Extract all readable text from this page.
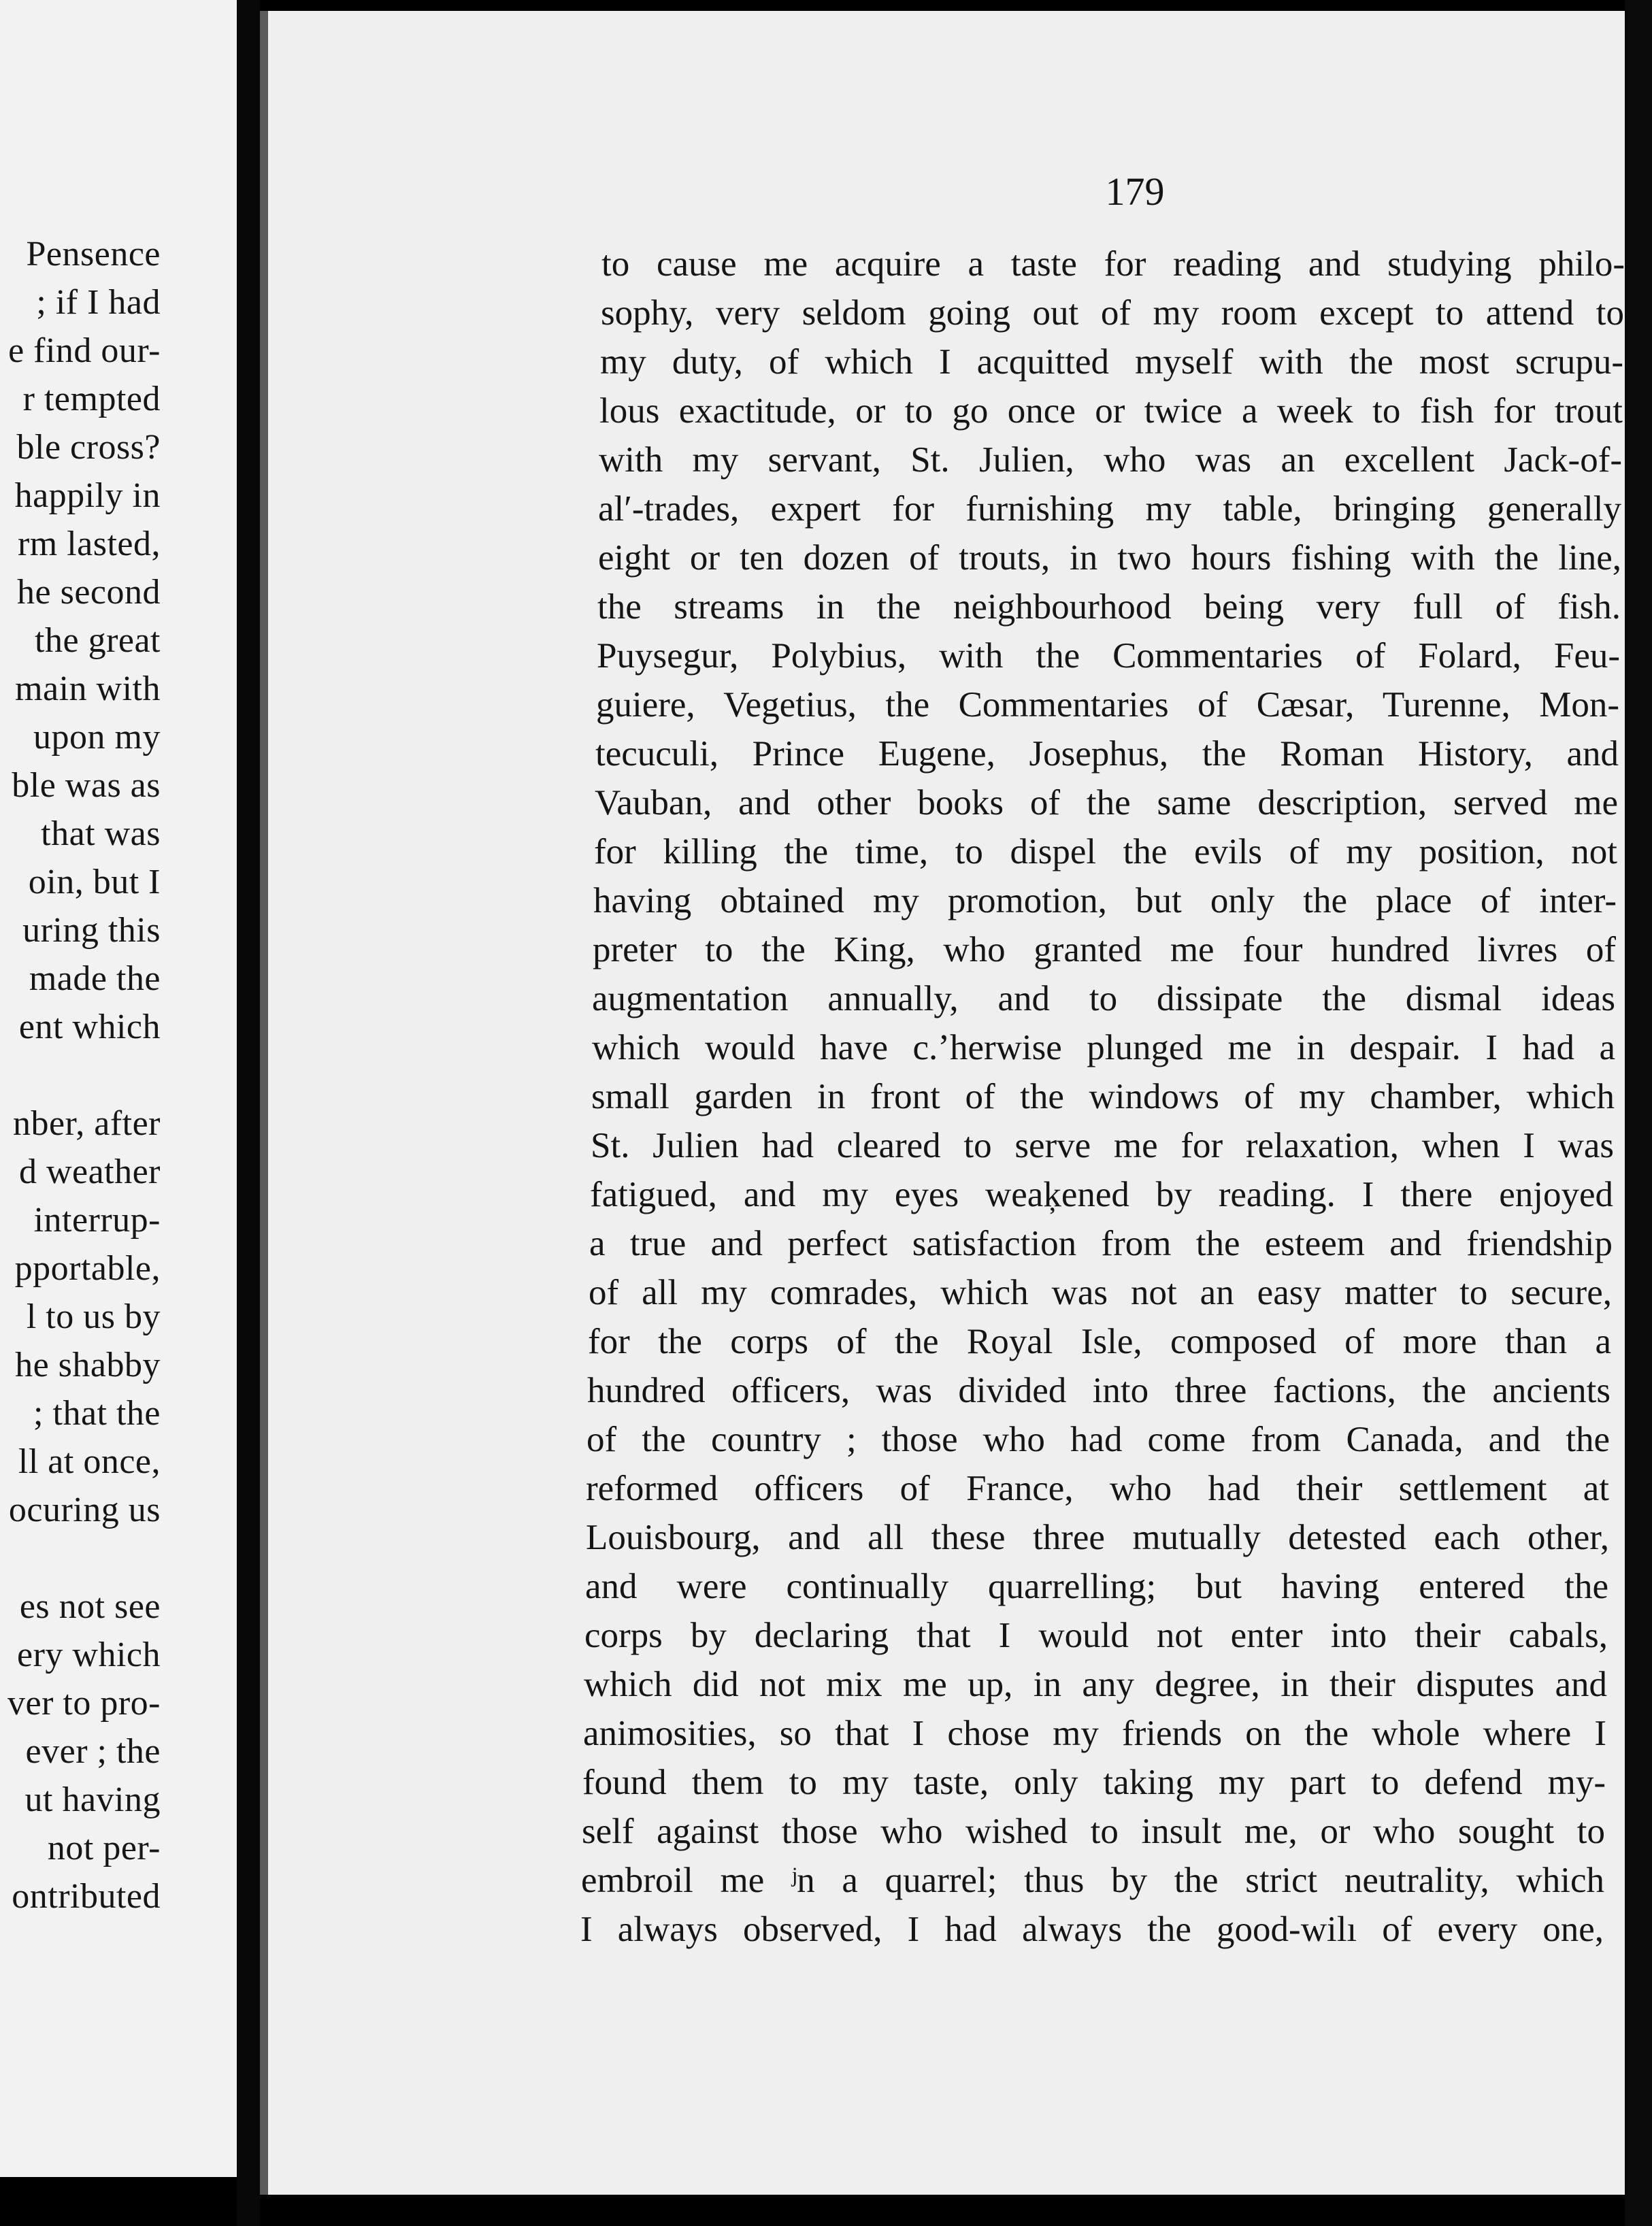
Pensence
; if I had
e find our-
r tempted
ble cross?
happily in
rm lasted,
he second
the great
main with
upon my
ble was as
that was
oin, but I
uring this
made the
ent which
nber, after
d weather
interrup-
pportable,
l to us by
he shabby
; that the
ll at once,
ocuring us
es not see
ery which
ver to pro-
ever ; the
ut having
not per-
ontributed
179
to cause me acquire a taste for reading and studying philo-
sophy, very seldom going out of my room except to attend to
my duty, of which I acquitted myself with the most scrupu-
lous exactitude, or to go once or twice a week to fish for trout
with my servant, St. Julien, who was an excellent Jack-of-
alʹ-trades, expert for furnishing my table, bringing generally
eight or ten dozen of trouts, in two hours fishing with the line,
the streams in the neighbourhood being very full of fish.
Puysegur, Polybius, with the Commentaries of Folard, Feu-
guiere, Vegetius, the Commentaries of Cæsar, Turenne, Mon-
tecuculi, Prince Eugene, Josephus, the Roman History, and
Vauban, and other books of the same description, served me
for killing the time, to dispel the evils of my position, not
having obtained my promotion, but only the place of inter-
preter to the King, who granted me four hundred livres of
augmentation annually, and to dissipate the dismal ideas
which would have c.ʼherwise plunged me in despair. I had a
small garden in front of the windows of my chamber, which
St. Julien had cleared to serve me for relaxation, when I was
fatigued, and my eyes weaķened by reading. I there enjoyed
a true and perfect satisfaction from the esteem and friendship
of all my comrades, which was not an easy matter to secure,
for the corps of the Royal Isle, composed of more than a
hundred officers, was divided into three factions, the ancients
of the country ; those who had come from Canada, and the
reformed officers of France, who had their settlement at
Louisbourg, and all these three mutually detested each other,
and were continually quarrelling; but having entered the
corps by declaring that I would not enter into their cabals,
which did not mix me up, in any degree, in their disputes and
animosities, so that I chose my friends on the whole where I
found them to my taste, only taking my part to defend my-
self against those who wished to insult me, or who sought to
embroil me ʲn a quarrel; thus by the strict neutrality, which
I always observed, I had always the good-wilı of every one,
